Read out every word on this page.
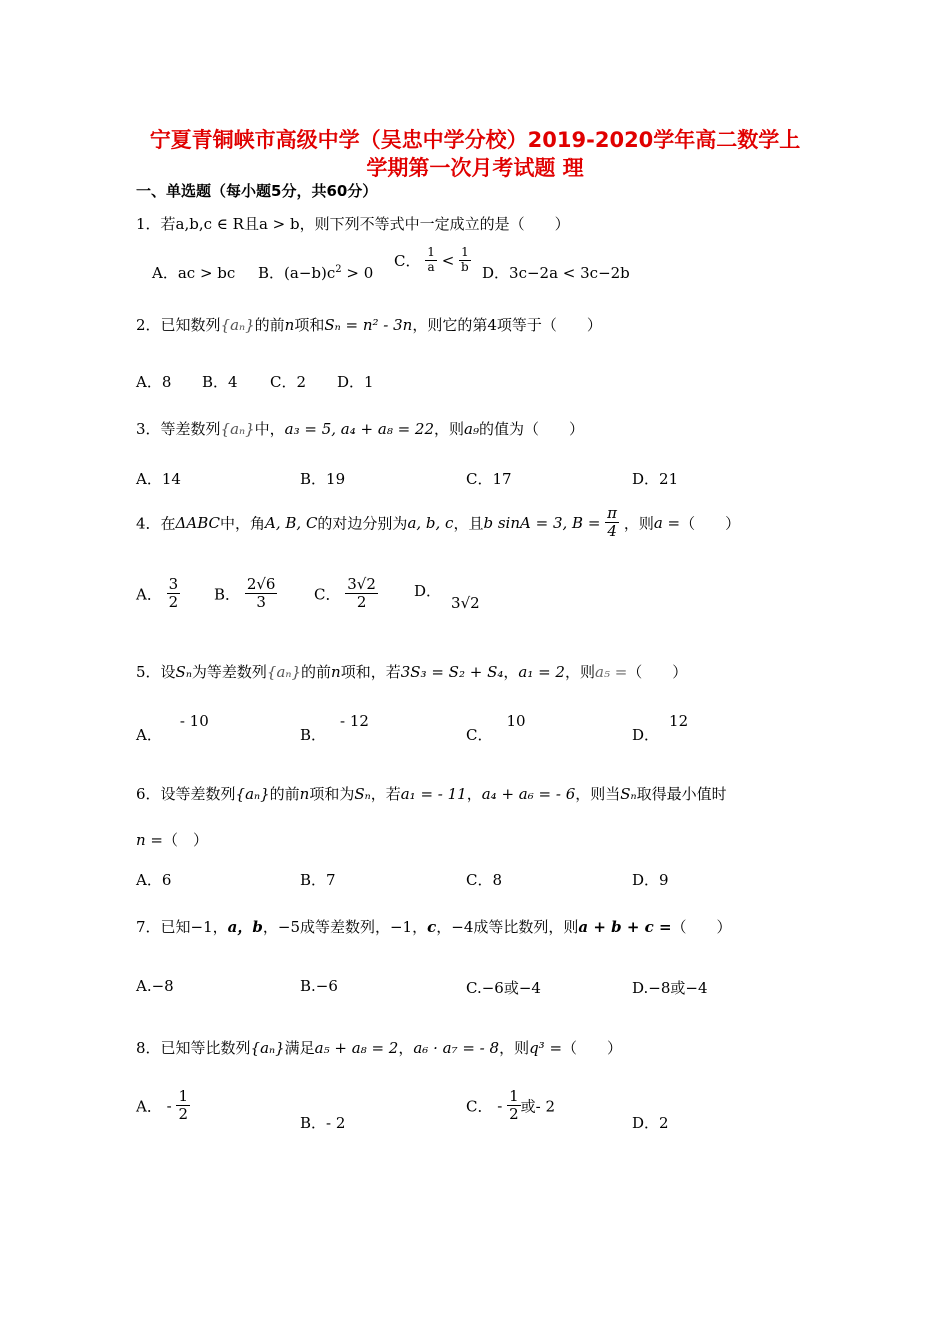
宁夏青铜峡市高级中学（吴忠中学分校）2019-2020学年高二数学上
学期第一次月考试题 理
一、单选题（每小题5分，共60分）
1．若a,b,c ∈ R且a > b，则下列不等式中一定成立的是（　　）
A．ac > bc B．$(a-b)c^2 > 0$
C． $\frac{1}{a} < \frac{1}{b}$ D．3c−2a < 3c−2b
2．已知数列{aₙ}的前n项和Sₙ = n² - 3n，则它的第4项等于（　　）
A．8 B．4 C．2 D．1
3．等差数列{aₙ}中，a₃ = 5, a₄ + a₈ = 22，则a₉的值为（　　）
A．14	B．19	C．17	D．21
4．在ΔABC中，角A, B, C的对边分别为a, b, c，且b sinA = 3, $B = \frac{\pi}{4}$ ，则a =（　　）
A． $\frac{3}{2}$ B． $\frac{2√6}{3}$ C． $\frac{3√2}{2}$ D．3√2
5．设Sₙ为等差数列{aₙ}的前n项和，若3S₃ = S₂ + S₄，a₁ = 2，则a₅ =（　　）
A．- 10
B．- 12
C．10
D．12
6．设等差数列{aₙ}的前n项和为Sₙ，若a₁ = - 11，a₄ + a₆ = - 6，则当Sₙ取得最小值时
n =（　）
A．6	B．7	C．8	D．9
7．已知−1，a，b，−5成等差数列，−1，c，−4成等比数列，则a + b + c =（　　）
A.−8	B.−6	C.−6或−4	D.−8或−4
8．已知等比数列{aₙ}满足a₅ + a₈ = 2，a₆ · a₇ = - 8，则q³ =（　　）
A． - $\frac{1}{2}$	B．- 2
C． - $\frac{1}{2}$ 或- 2
D．2
